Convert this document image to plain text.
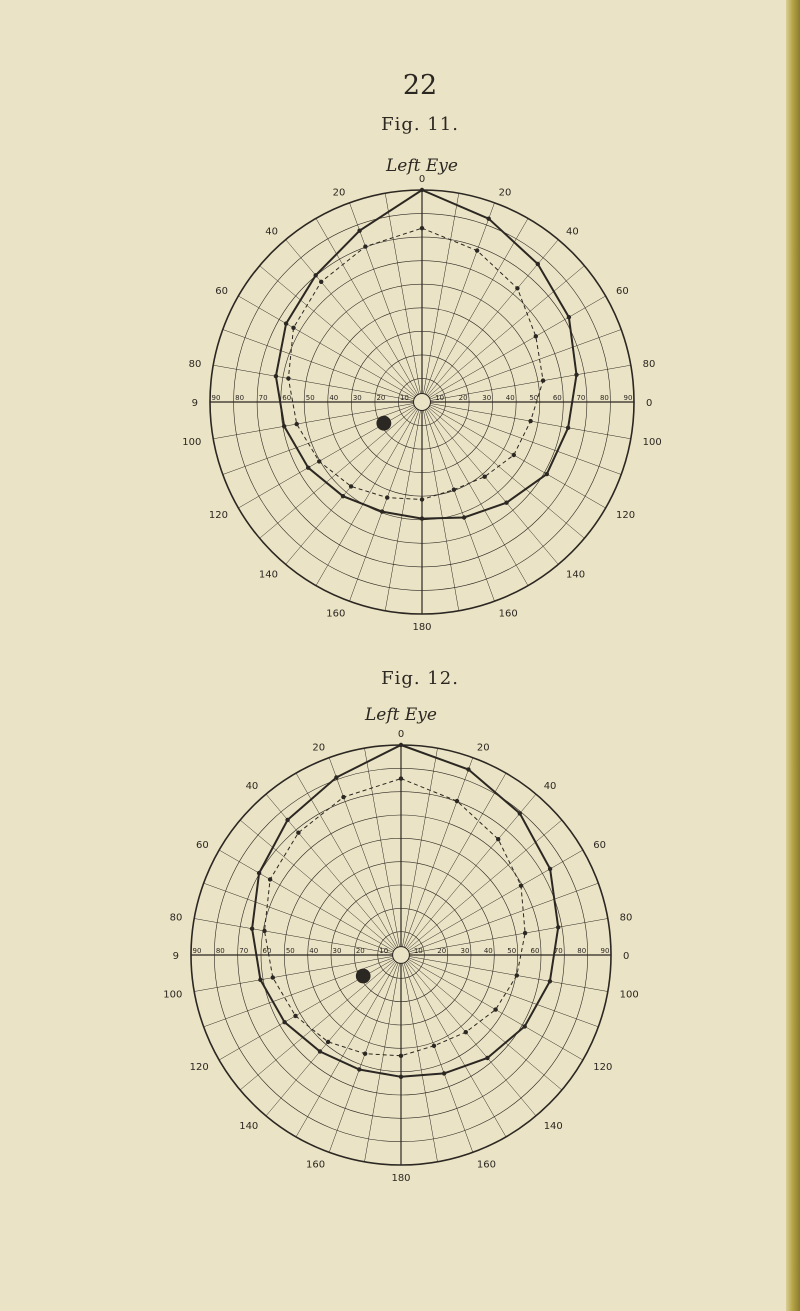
22
Fig. 11.
Left Eye
Fig. 12.
Left Eye
20
20
40
40
60
60
80
80
0
9
100
100
120
120
140
140
160
160
0
180
90	90
80	80
70	70
60	60
50	50
40	40
30	30
20	20
10	10
20
20
40
40
60
60
80
80
0
9
100
100
120
120
140
140
160
160
0
180
90	90
80	80
70	70
60	60
50	50
40	40
30	30
20	20
10	10
